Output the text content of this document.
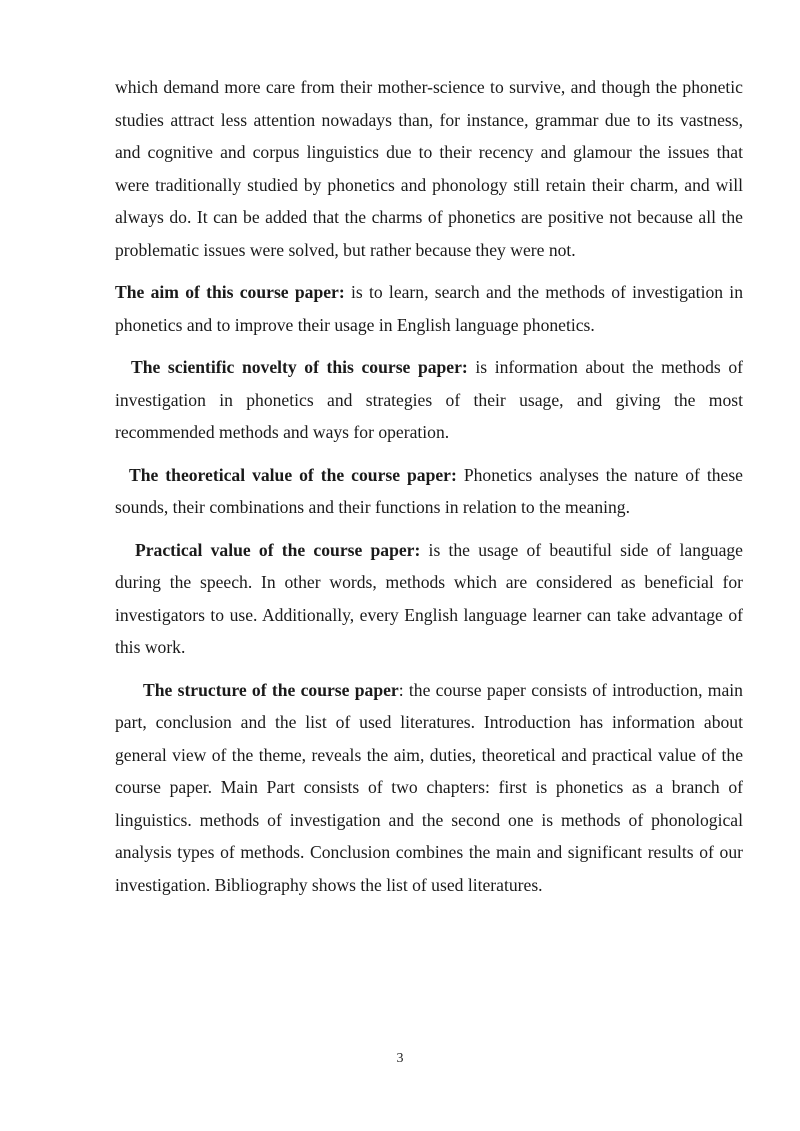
which demand more care from their mother-science to survive, and though the phonetic studies attract less attention nowadays than, for instance, grammar due to its vastness, and cognitive and corpus linguistics due to their recency and glamour the issues that were traditionally studied by phonetics and phonology still retain their charm, and will always do. It can be added that the charms of phonetics are positive not because all the problematic issues were solved, but rather because they were not.

The aim of this course paper: is to learn, search and the methods of investigation in phonetics and to improve their usage in English language phonetics.

The scientific novelty of this course paper: is information about the methods of investigation in phonetics and strategies of their usage, and giving the most recommended methods and ways for operation.

The theoretical value of the course paper: Phonetics analyses the nature of these sounds, their combinations and their functions in relation to the meaning.

Practical value of the course paper: is the usage of beautiful side of language during the speech. In other words, methods which are considered as beneficial for investigators to use. Additionally, every English language learner can take advantage of this work.

The structure of the course paper: the course paper consists of introduction, main part, conclusion and the list of used literatures. Introduction has information about general view of the theme, reveals the aim, duties, theoretical and practical value of the course paper. Main Part consists of two chapters: first is phonetics as a branch of linguistics. methods of investigation and the second one is methods of phonological analysis types of methods. Conclusion combines the main and significant results of our investigation. Bibliography shows the list of used literatures.

3
